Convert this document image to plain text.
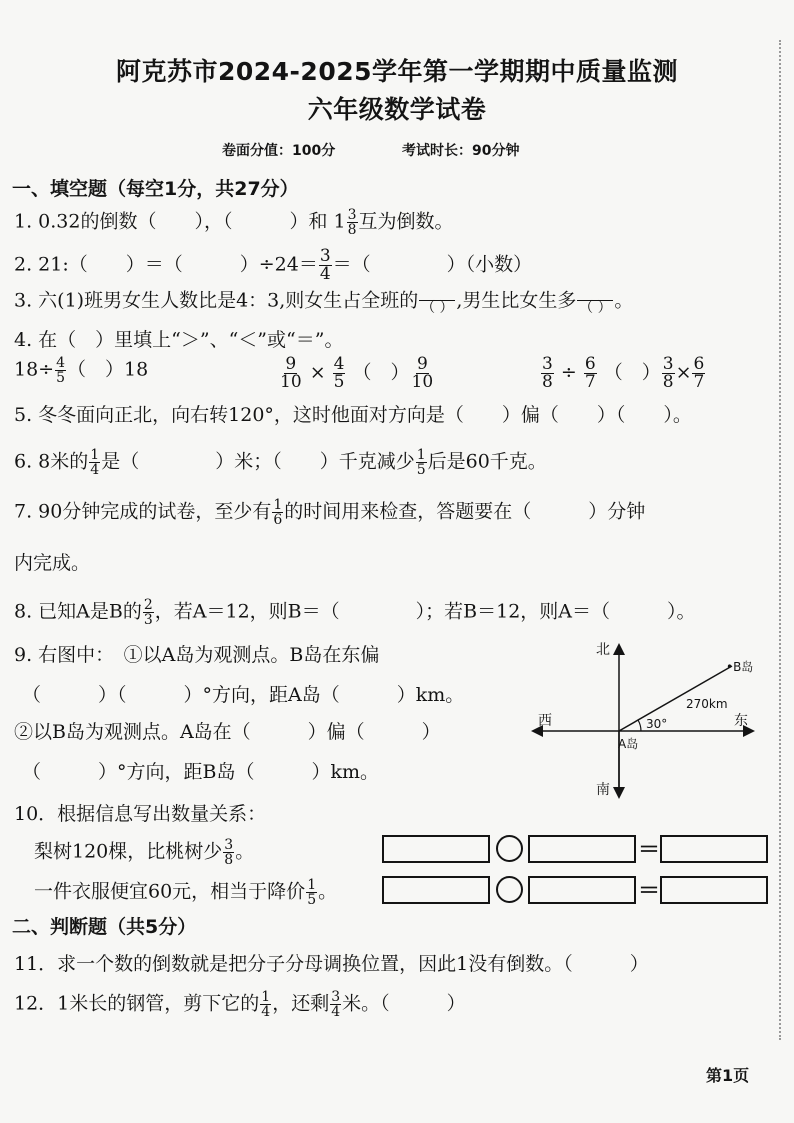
阿克苏市2024-2025学年第一学期期中质量监测
六年级数学试卷
卷面分值：100分	考试时长：90分钟
一、填空题（每空1分，共27分）
1. 0.32的倒数（　　），（　　　）和 $1 \frac{3}{8}$ 互为倒数。
2. 21:（　　）＝（　　　）$\div 24= \frac{3}{4}$ ＝（　　　　）（小数）
3. 六(1)班男女生人数比是4：3,则女生占全班的 （ ） ,男生比女生多 （ ） 。
4. 在（　）里填上“＞”、“＜”或“＝”。
$18\div \frac{4}{5}$ （　）18	$\frac{9}{10} \times \frac{4}{5}$ （　） $\frac{9}{10}$	$\frac{3}{8} \div \frac{6}{7}$ （　） $\frac{3}{8} \times \frac{6}{7}$
5. 冬冬面向正北，向右转120°，这时他面对方向是（　　）偏（　　）（　　）。
6. 8米的 $\frac{1}{4}$ 是（　　　　）米；（　　）千克减少 $\frac{1}{5}$ 后是60千克。
7. 90分钟完成的试卷，至少有 $\frac{1}{6}$ 的时间用来检查，答题要在（　　　）分钟
内完成。
8. 已知A是B的 $\frac{2}{3}$ ，若A＝12，则B＝（　　　　）；若B＝12，则A＝（　　　）。
9. 右图中：　①以A岛为观测点。B岛在东偏
（　　　）（　　　）°方向，距A岛（　　　）km。
②以B岛为观测点。A岛在（　　　）偏（　　　）
（　　　）°方向，距B岛（　　　）km。
北
南
西	东
A岛
•B岛
270km
30°
10．根据信息写出数量关系：
梨树120棵，比桃树少 $\frac{3}{8}$ 。
一件衣服便宜60元，相当于降价 $\frac{1}{5}$ 。
＝
＝
二、判断题（共5分）
11．求一个数的倒数就是把分子分母调换位置，因此1没有倒数。（　　　）
12．1米长的钢管，剪下它的 $\frac{1}{4}$ ，还剩 $\frac{3}{4}$ 米。（　　　）
第1页
